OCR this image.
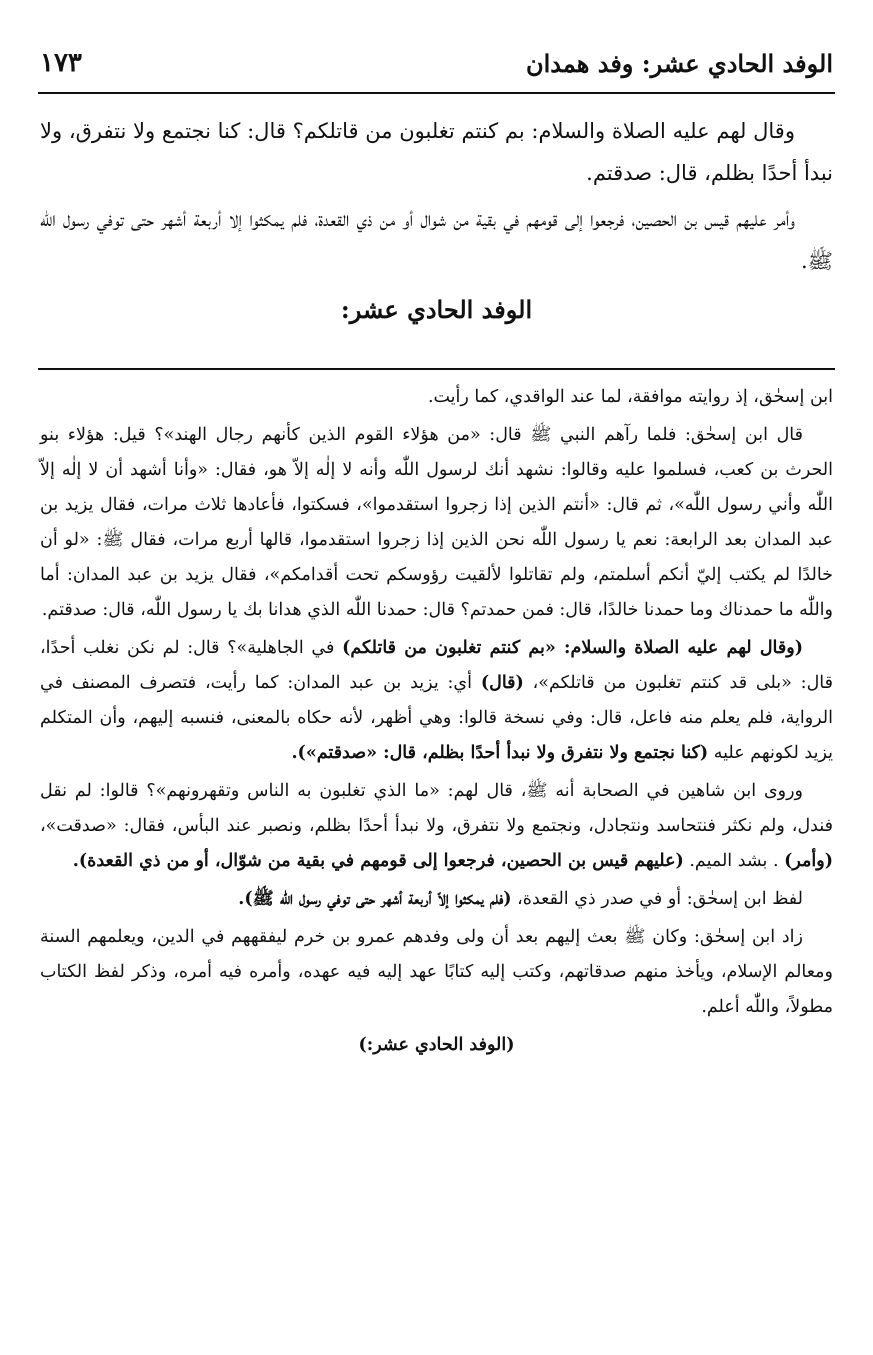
الوفد الحادي عشر: وفد همدان
١٧٣

وقال لهم عليه الصلاة والسلام: بم كنتم تغلبون من قاتلكم؟ قال: كنا نجتمع ولا نتفرق، ولا نبدأ أحدًا بظلم، قال: صدقتم.

وأمر عليهم قيس بن الحصين، فرجعوا إلى قومهم في بقية من شوال أو من ذي القعدة، فلم يمكثوا إلا أربعة أشهر حتى توفي رسول الله ﷺ.

الوفد الحادي عشر:

ابن إسحٰق، إذ روايته موافقة، لما عند الواقدي، كما رأيت.

قال ابن إسحٰق: فلما رآهم النبي ﷺ قال: «من هؤلاء القوم الذين كأنهم رجال الهند»؟ قيل: هؤلاء بنو الحرث بن كعب، فسلموا عليه وقالوا: نشهد أنك لرسول اللّٰه وأنه لا إلٰه إلاّ هو، فقال: «وأنا أشهد أن لا إلٰه إلاّ اللّٰه وأني رسول اللّٰه»، ثم قال: «أنتم الذين إذا زجروا استقدموا»، فسكتوا، فأعادها ثلاث مرات، فقال يزيد بن عبد المدان بعد الرابعة: نعم يا رسول اللّٰه نحن الذين إذا زجروا استقدموا، قالها أربع مرات، فقال ﷺ: «لو أن خالدًا لم يكتب إليّ أنكم أسلمتم، ولم تقاتلوا لألقيت رؤوسكم تحت أقدامكم»، فقال يزيد بن عبد المدان: أما واللّٰه ما حمدناك وما حمدنا خالدًا، قال: فمن حمدتم؟ قال: حمدنا اللّٰه الذي هدانا بك يا رسول اللّٰه، قال: صدقتم.

(وقال لهم عليه الصلاة والسلام: «بم كنتم تغلبون من قاتلكم) في الجاهلية»؟ قال: لم نكن نغلب أحدًا، قال: «بلى قد كنتم تغلبون من قاتلكم»، (قال) أي: يزيد بن عبد المدان: كما رأيت، فتصرف المصنف في الرواية، فلم يعلم منه فاعل، قال: وفي نسخة قالوا: وهي أظهر، لأنه حكاه بالمعنى، فنسبه إليهم، وأن المتكلم يزيد لكونهم عليه (كنا نجتمع ولا نتفرق ولا نبدأ أحدًا بظلم، قال: «صدقتم»).

وروى ابن شاهين في الصحابة أنه ﷺ، قال لهم: «ما الذي تغلبون به الناس وتقهرونهم»؟ قالوا: لم نقل فندل، ولم نكثر فنتحاسد ونتجادل، ونجتمع ولا نتفرق، ولا نبدأ أحدًا بظلم، ونصبر عند البأس، فقال: «صدقت»، (وأمر) . بشد الميم. (عليهم قيس بن الحصين، فرجعوا إلى قومهم في بقية من شوّال، أو من ذي القعدة).

لفظ ابن إسحٰق: أو في صدر ذي القعدة، (فلم يمكثوا إلاّ أربعة أشهر حتى توفي رسول اللّٰه ﷺ).

زاد ابن إسحٰق: وكان ﷺ بعث إليهم بعد أن ولى وفدهم عمرو بن خرم ليفقههم في الدين، ويعلمهم السنة ومعالم الإسلام، ويأخذ منهم صدقاتهم، وكتب إليه كتابًا عهد إليه فيه عهده، وأمره فيه أمره، وذكر لفظ الكتاب مطولاً، واللّٰه أعلم.

(الوفد الحادي عشر:)
